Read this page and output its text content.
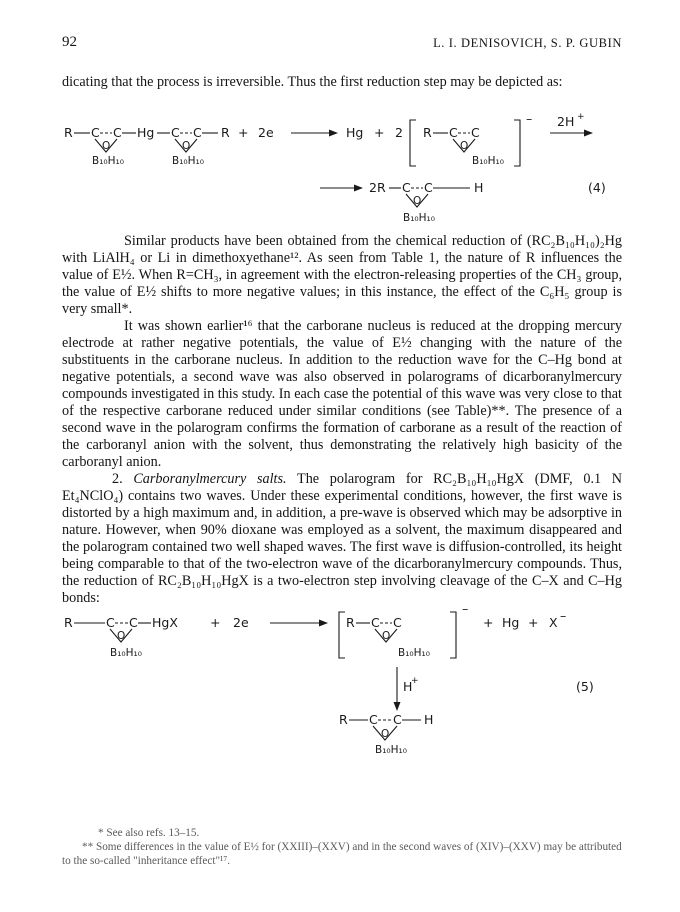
92	L. I. DENISOVICH, S. P. GUBIN

dicating that the process is irreversible. Thus the first reduction step may be depicted as:

R C C Hg C C R
O	O
B₁₀H₁₀	B₁₀H₁₀
+ 2e	Hg + 2 R C C
O
B₁₀H₁₀
– 2H +
2R C C	H
O
B₁₀H₁₀
(4)

Similar products have been obtained from the chemical reduction of (RC₂B₁₀H₁₀)₂Hg with LiAlH₄ or Li in dimethoxyethane¹². As seen from Table 1, the nature of R influences the value of E½. When R=CH₃, in agreement with the electron-releasing properties of the CH₃ group, the value of E½ shifts to more negative values; in this instance, the effect of the C₆H₅ group is very small*.

It was shown earlier¹⁶ that the carborane nucleus is reduced at the dropping mercury electrode at rather negative potentials, the value of E½ changing with the nature of the substituents in the carborane nucleus. In addition to the reduction wave for the C–Hg bond at negative potentials, a second wave was also observed in polarograms of dicarboranylmercury compounds investigated in this study. In each case the potential of this wave was very close to that of the respective carborane reduced under similar conditions (see Table)**. The presence of a second wave in the polarogram confirms the formation of carborane as a result of the reaction of the carboranyl anion with the solvent, thus demonstrating the relatively high basicity of the carboranyl anion.

2. Carboranylmercury salts. The polarogram for RC₂B₁₀H₁₀HgX (DMF, 0.1 N Et₄NClO₄) contains two waves. Under these experimental conditions, however, the first wave is distorted by a high maximum and, in addition, a pre-wave is observed which may be adsorptive in nature. However, when 90% dioxane was employed as a solvent, the maximum disappeared and the polarogram contained two well shaped waves. The first wave is diffusion-controlled, its height being comparable to that of the two-electron wave of the dicarboranylmercury compounds. Thus, the reduction of RC₂B₁₀H₁₀HgX is a two-electron step involving cleavage of the C–X and C–Hg bonds:

R	C C HgX
O
B₁₀H₁₀
+ 2e	R C C
O
B₁₀H₁₀
–
+ Hg + X –
H
+	(5)
R C C H
O
B₁₀H₁₀

* See also refs. 13–15.

** Some differences in the value of E½ for (XXIII)–(XXV) and in the second waves of (XIV)–(XXV) may be attributed to the so-called "inheritance effect"¹⁷.
